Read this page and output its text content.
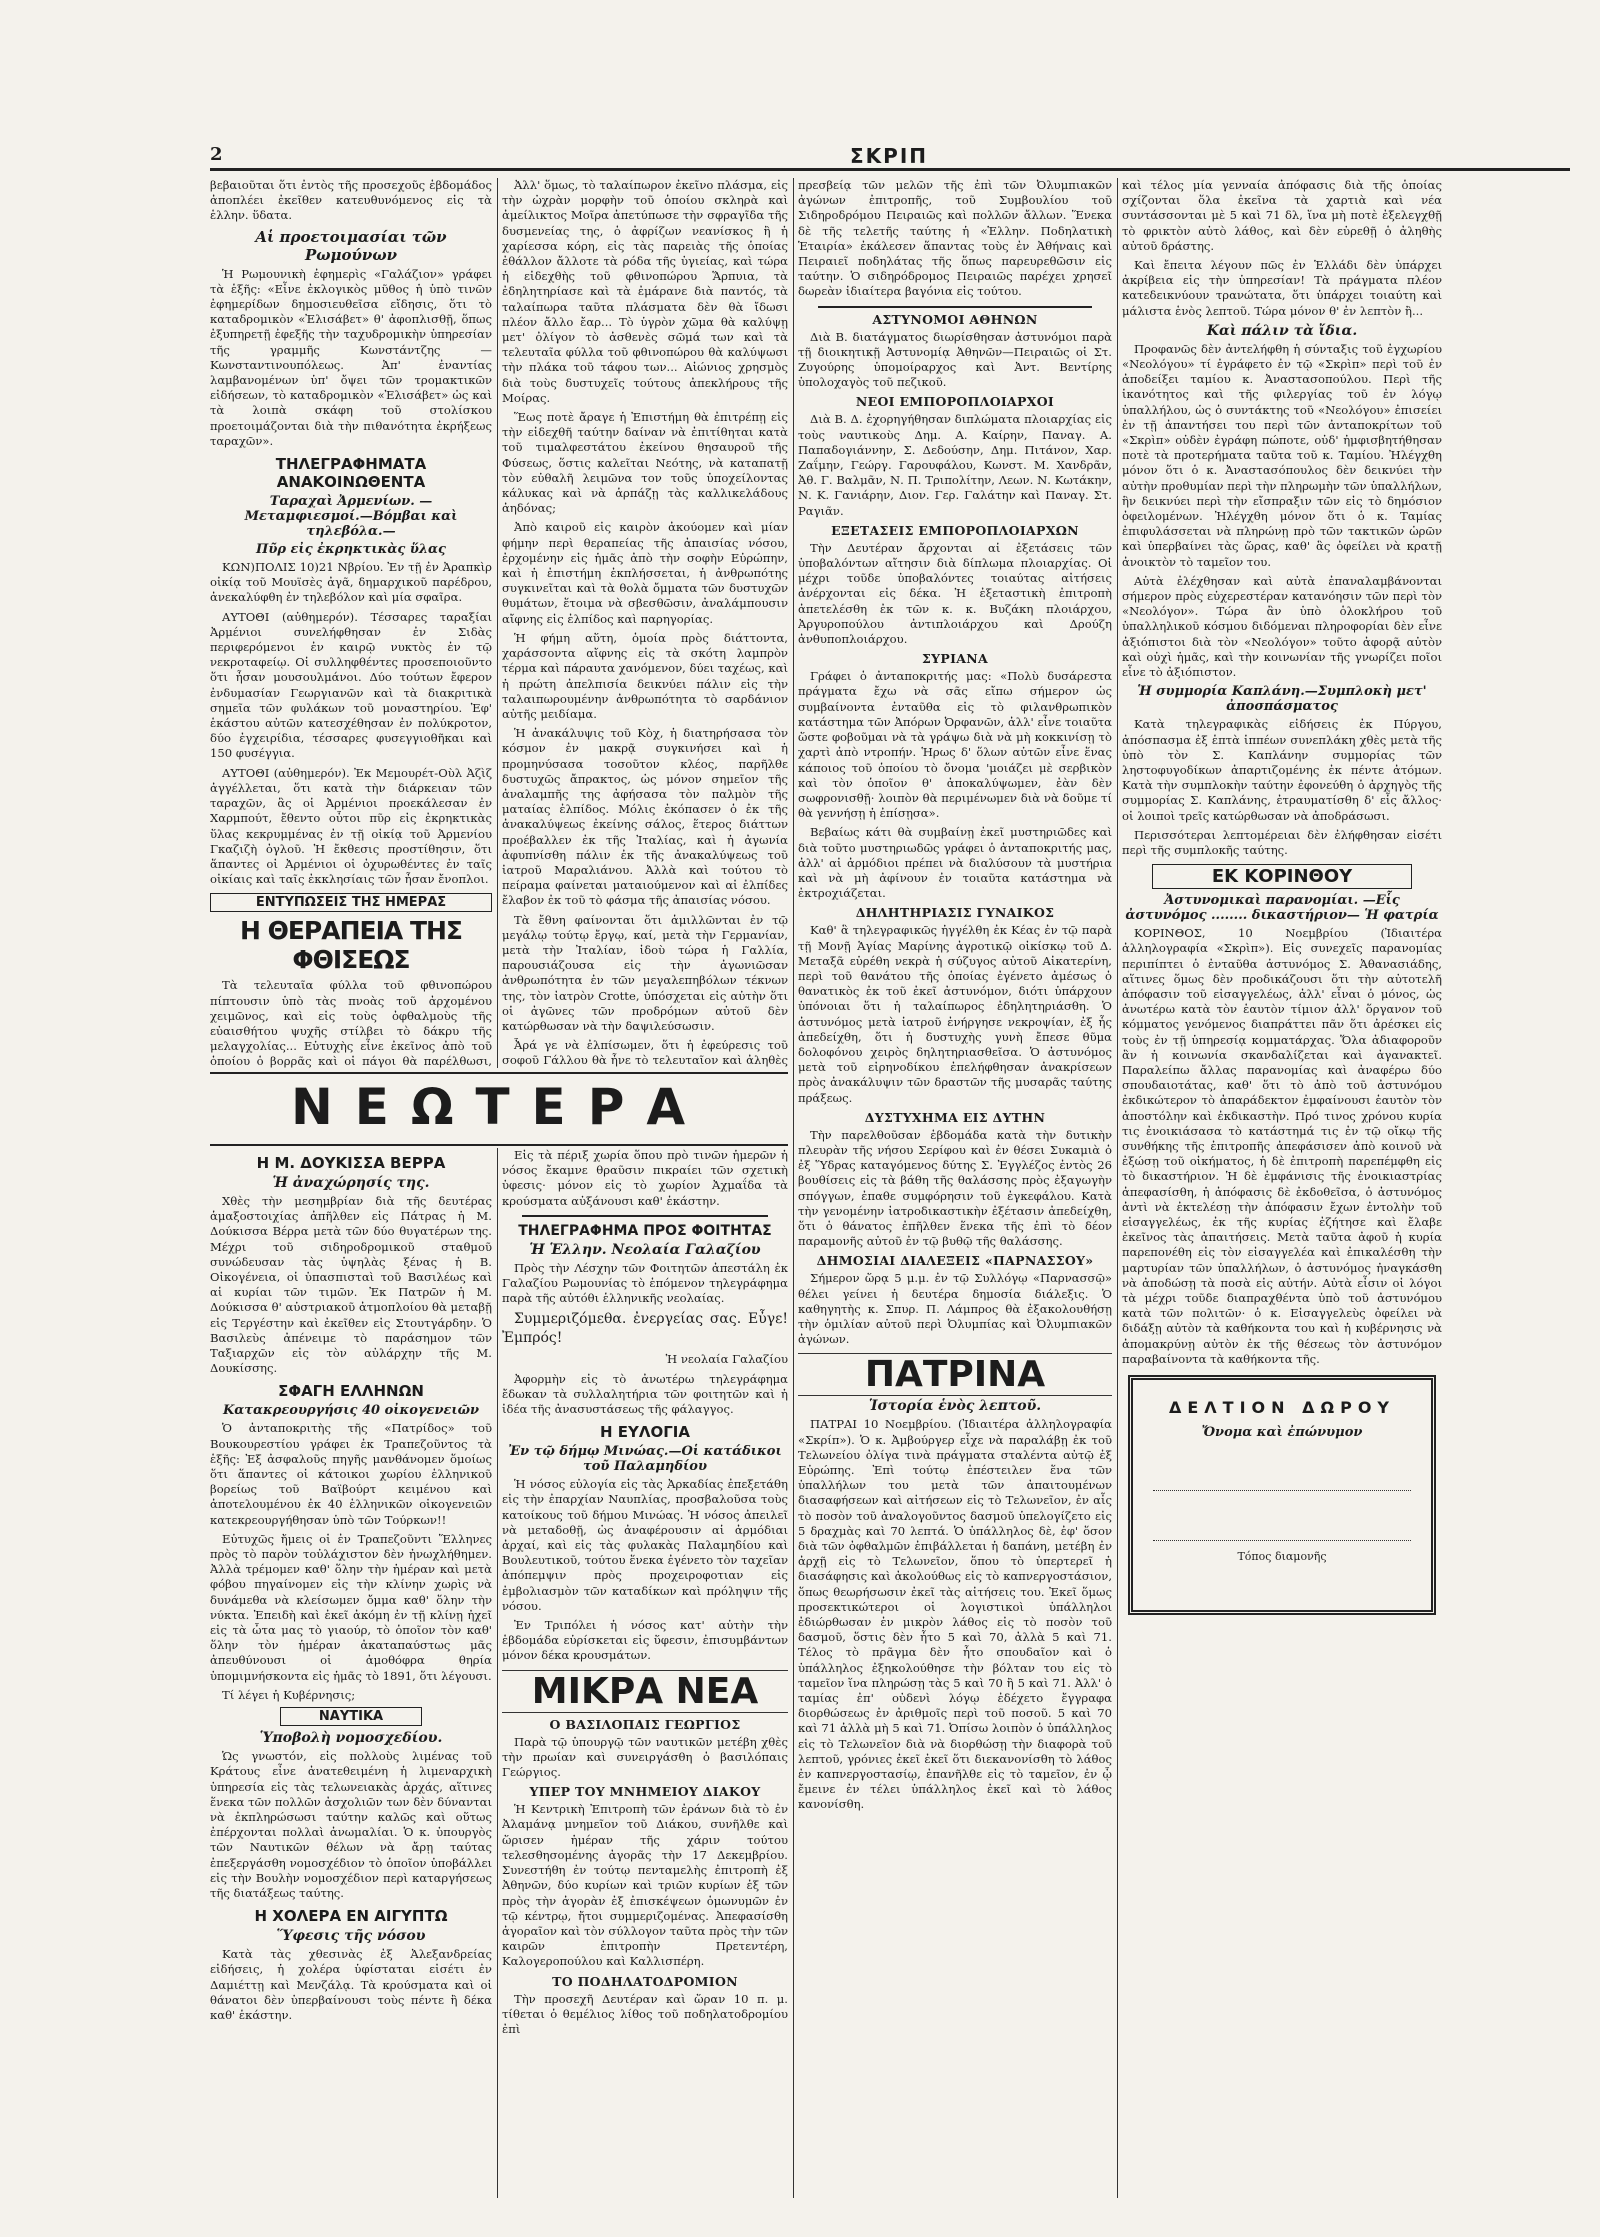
2	ΣΚΡΙΠ

βεβαιοῦται ὅτι ἐντὸς τῆς προσεχοῦς ἑβδομάδος ἀποπλέει ἐκεῖθεν κατευθυνόμενος εἰς τὰ ἑλλην. ὕδατα.

Αἱ προετοιμασίαι τῶν Ρωμούνων

Ἡ Ρωμουνικὴ ἐφημερὶς «Γαλάζιον» γράφει τὰ ἑξῆς: «Εἶνε ἐκλογικὸς μῦθος ἡ ὑπὸ τινῶν ἐφημερίδων δημοσιευθεῖσα εἴδησις, ὅτι τὸ καταδρομικὸν «Ἐλισάβετ» θ' ἀφοπλισθῇ, ὅπως ἐξυπηρετῇ ἐφεξῆς τὴν ταχυδρομικὴν ὑπηρεσίαν τῆς γραμμῆς Κωνστάντζης — Κωνσταντινουπόλεως. Ἀπ' ἐναντίας λαμβανομένων ὑπ' ὄψει τῶν τρομακτικῶν εἰδήσεων, τὸ καταδρομικὸν «Ἐλισάβετ» ὡς καὶ τὰ λοιπὰ σκάφη τοῦ στολίσκου προετοιμάζονται διὰ τὴν πιθανότητα ἐκρήξεως ταραχῶν».

ΤΗΛΕΓΡΑΦΗΜΑΤΑ ΑΝΑΚΟΙΝΩΘΕΝΤΑ
Ταραχαὶ Ἀρμενίων. — Μεταμφιεσμοί.—Βόμβαι καὶ τηλεβόλα.—
Πῦρ εἰς ἐκρηκτικὰς ὕλας

ΚΩΝ)ΠΟΛΙΣ 10)21 Νβρίου. Ἐν τῇ ἐν Ἀραπκὶρ οἰκίᾳ τοῦ Μουϊσὲς ἀγᾶ, δημαρχικοῦ παρέδρου, ἀνεκαλύφθη ἐν τηλεβόλον καὶ μία σφαῖρα.

ΑΥΤΟΘΙ (αὐθημερόν). Τέσσαρες ταραξίαι Ἀρμένιοι συνελήφθησαν ἐν Σιδὰς περιφερόμενοι ἐν καιρῷ νυκτὸς ἐν τῷ νεκροταφείῳ. Οἱ συλληφθέντες προσεποιοῦντο ὅτι ἦσαν μουσουλμάνοι. Δύο τούτων ἔφερον ἐνδυμασίαν Γεωργιανῶν καὶ τὰ διακριτικὰ σημεῖα τῶν φυλάκων τοῦ μοναστηρίου. Ἐφ' ἑκάστου αὐτῶν κατεσχέθησαν ἐν πολύκροτον, δύο ἐγχειρίδια, τέσσαρες φυσεγγιοθῆκαι καὶ 150 φυσέγγια.

ΑΥΤΟΘΙ (αὐθημερόν). Ἐκ Μεμουρέτ-Οὺλ Ἀζὶζ ἀγγέλλεται, ὅτι κατὰ τὴν διάρκειαν τῶν ταραχῶν, ἃς οἱ Ἀρμένιοι προεκάλεσαν ἐν Χαρμπούτ, ἔθεντο οὗτοι πῦρ εἰς ἐκρηκτικὰς ὕλας κεκρυμμένας ἐν τῇ οἰκίᾳ τοῦ Ἀρμενίου Γκαζιζὴ ὀγλοῦ. Ἡ ἔκθεσις προστίθησιν, ὅτι ἅπαντες οἱ Ἀρμένιοι οἱ ὀχυρωθέντες ἐν ταῖς οἰκίαις καὶ ταῖς ἐκκλησίαις τῶν ἦσαν ἔνοπλοι.

ΕΝΤΥΠΩΣΕΙΣ ΤΗΣ ΗΜΕΡΑΣ
Η ΘΕΡΑΠΕΙΑ ΤΗΣ ΦΘΙΣΕΩΣ

Τὰ τελευταῖα φύλλα τοῦ φθινοπώρου πίπτουσιν ὑπὸ τὰς πνοὰς τοῦ ἀρχομένου χειμῶνος, καὶ εἰς τοὺς ὀφθαλμοὺς τῆς εὐαισθήτου ψυχῆς στίλβει τὸ δάκρυ τῆς μελαγχολίας... Εὐτυχὴς εἶνε ἐκεῖνος ἀπὸ τοῦ ὁποίου ὁ βορρᾶς καὶ οἱ πάγοι θὰ παρέλθωσι,

Ἀλλ' ὅμως, τὸ ταλαίπωρον ἐκεῖνο πλάσμα, εἰς τὴν ὠχρὰν μορφὴν τοῦ ὁποίου σκληρὰ καὶ ἀμείλικτος Μοῖρα ἀπετύπωσε τὴν σφραγῖδα τῆς δυσμενείας της, ὁ ἀφρίζων νεανίσκος ἢ ἡ χαρίεσσα κόρη, εἰς τὰς παρειὰς τῆς ὁποίας ἐθάλλον ἄλλοτε τὰ ρόδα τῆς ὑγιείας, καὶ τώρα ἡ εἰδεχθὴς τοῦ φθινοπώρου Ἅρπυια, τὰ ἐδηλητηρίασε καὶ τὰ ἐμάρανε διὰ παντός, τὰ ταλαίπωρα ταῦτα πλάσματα δὲν θὰ ἴδωσι πλέον ἄλλο ἔαρ... Τὸ ὑγρὸν χῶμα θὰ καλύψῃ μετ' ὀλίγον τὸ ἀσθενὲς σῶμά των καὶ τὰ τελευταῖα φύλλα τοῦ φθινοπώρου θὰ καλύψωσι τὴν πλάκα τοῦ τάφου των... Αἰώνιος χρησμὸς διὰ τοὺς δυστυχεῖς τούτους ἀπεκλήρους τῆς Μοίρας.

Ἕως ποτὲ ἄραγε ἡ Ἐπιστήμη θὰ ἐπιτρέπῃ εἰς τὴν εἰδεχθῆ ταύτην δαίναν νὰ ἐπιτίθηται κατὰ τοῦ τιμαλφεστάτου ἐκείνου θησαυροῦ τῆς Φύσεως, ὅστις καλεῖται Νεότης, νὰ καταπατῇ τὸν εὐθαλῆ λειμῶνα τον τοῦς ὑποχείλοντας κάλυκας καὶ νὰ ἁρπάζῃ τὰς καλλικελάδους ἀηδόνας;

Ἀπὸ καιροῦ εἰς καιρὸν ἀκούομεν καὶ μίαν φήμην περὶ θεραπείας τῆς ἀπαισίας νόσου, ἐρχομένην εἰς ἡμᾶς ἀπὸ τὴν σοφὴν Εὐρώπην, καὶ ἡ ἐπιστήμη ἐκπλήσσεται, ἡ ἀνθρωπότης συγκινεῖται καὶ τὰ θολὰ ὄμματα τῶν δυστυχῶν θυμάτων, ἕτοιμα νὰ σβεσθῶσιν, ἀναλάμπουσιν αἴφνης εἰς ἐλπίδος καὶ παρηγορίας.

Ἡ φήμη αὕτη, ὁμοία πρὸς διάττοντα, χαράσσοντα αἴφνης εἰς τὰ σκότη λαμπρὸν τέρμα καὶ πάραυτα χανόμενον, δύει ταχέως, καὶ ἡ πρώτη ἀπελπισία δεικνύει πάλιν εἰς τὴν ταλαιπωρουμένην ἀνθρωπότητα τὸ σαρδάνιον αὐτῆς μειδίαμα.

Ἡ ἀνακάλυψις τοῦ Κὸχ, ἡ διατηρήσασα τὸν κόσμον ἐν μακρᾷ συγκινήσει καὶ ἡ προμηνύσασα τοσοῦτον κλέος, παρῆλθε δυστυχῶς ἄπρακτος, ὡς μόνον σημεῖον τῆς ἀναλαμπῆς της ἀφήσασα τὸν παλμὸν τῆς ματαίας ἐλπίδος. Μόλις ἐκόπασεν ὁ ἐκ τῆς ἀνακαλύψεως ἐκείνης σάλος, ἕτερος διάττων προέβαλλεν ἐκ τῆς Ἰταλίας, καὶ ἡ ἀγωνία ἀφυπνίσθη πάλιν ἐκ τῆς ἀνακαλύψεως τοῦ ἰατροῦ Μαραλιάνου. Ἀλλὰ καὶ τούτου τὸ πείραμα φαίνεται ματαιούμενον καὶ αἱ ἐλπίδες ἔλαβον ἐκ τοῦ τὸ φάσμα τῆς ἀπαισίας νόσου.

Τὰ ἔθνη φαίνονται ὅτι ἁμιλλῶνται ἐν τῷ μεγάλῳ τούτῳ ἔργῳ, καί, μετὰ τὴν Γερμανίαν, μετὰ τὴν Ἰταλίαν, ἰδοὺ τώρα ἡ Γαλλία, παρουσιάζουσα εἰς τὴν ἀγωνιῶσαν ἀνθρωπότητα ἐν τῶν μεγαλεπηβόλων τέκνων της, τὸν ἰατρὸν Crotte, ὑπόσχεται εἰς αὐτὴν ὅτι οἱ ἀγῶνες τῶν προδρόμων αὐτοῦ δὲν κατώρθωσαν νὰ τὴν δαψιλεύσωσιν.

Ἆρά γε νὰ ἐλπίσωμεν, ὅτι ἡ ἐφεύρεσις τοῦ σοφοῦ Γάλλου θὰ ἦνε τὸ τελευταῖον καὶ ἀληθὲς

ΝΕΩΤΕΡΑ
Η Μ. ΔΟΥΚΙΣΣΑ ΒΕΡΡΑ
Ἡ ἀναχώρησίς της.

Χθὲς τὴν μεσημβρίαν διὰ τῆς δευτέρας ἁμαξοστοιχίας ἀπῆλθεν εἰς Πάτρας ἡ Μ. Δούκισσα Βέρρα μετὰ τῶν δύο θυγατέρων της. Μέχρι τοῦ σιδηροδρομικοῦ σταθμοῦ συνώδευσαν τὰς ὑψηλὰς ξένας ἡ Β. Οἰκογένεια, οἱ ὑπασπισταὶ τοῦ Βασιλέως καὶ αἱ κυρίαι τῶν τιμῶν. Ἐκ Πατρῶν ἡ Μ. Δούκισσα θ' αὐστριακοῦ ἀτμοπλοίου θὰ μεταβῇ εἰς Τεργέστην καὶ ἐκεῖθεν εἰς Στουτγάρδην. Ὁ Βασιλεὺς ἀπένειμε τὸ παράσημον τῶν Ταξιαρχῶν εἰς τὸν αὐλάρχην τῆς Μ. Δουκίσσης.

ΣΦΑΓΗ ΕΛΛΗΝΩΝ
Κατακρεουργήσις 40 οἰκογενειῶν

Ὁ ἀνταποκριτὴς τῆς «Πατρίδος» τοῦ Βουκουρεστίου γράφει ἐκ Τραπεζοῦντος τὰ ἑξῆς: Ἐξ ἀσφαλοῦς πηγῆς μανθάνομεν ὅμοίως ὅτι ἅπαντες οἱ κάτοικοι χωρίου ἑλληνικοῦ βορείως τοῦ Βαϊβούρτ κειμένου καὶ ἀποτελουμένου ἐκ 40 ἑλληνικῶν οἰκογενειῶν κατεκρεουργήθησαν ὑπὸ τῶν Τούρκων!!

Εὐτυχῶς ἤμεις οἱ ἐν Τραπεζοῦντι Ἕλληνες πρὸς τὸ παρὸν τοὐλάχιστον δὲν ἠνωχλήθημεν. Ἀλλὰ τρέμομεν καθ' ὅλην τὴν ἡμέραν καὶ μετὰ φόβου πηγαίνομεν εἰς τὴν κλίνην χωρὶς νὰ δυνάμεθα νὰ κλείσωμεν ὄμμα καθ' ὅλην τὴν νύκτα. Ἐπειδὴ καὶ ἐκεῖ ἀκόμη ἐν τῇ κλίνῃ ἠχεῖ εἰς τὰ ὦτα μας τὸ γιαούρ, τὸ ὁποῖον τὸν καθ' ὅλην τὸν ἡμέραν ἀκαταπαύστως μᾶς ἀπευθύνουσι οἱ ἀμοθόφρα θηρία ὑπομιμνήσκοντα εἰς ἡμᾶς τὸ 1891, ὅτι λέγουσι.

Τί λέγει ἡ Κυβέρνησις;

ΝΑΥΤΙΚΑ
Ὑποβολὴ νομοσχεδίου.

Ὡς γνωστόν, εἰς πολλοὺς λιμένας τοῦ Κράτους εἶνε ἀνατεθειμένη ἡ λιμεναρχικὴ ὑπηρεσία εἰς τὰς τελωνειακὰς ἀρχάς, αἵτινες ἕνεκα τῶν πολλῶν ἀσχολιῶν των δὲν δύνανται νὰ ἐκπληρώσωσι ταύτην καλῶς καὶ οὕτως ἐπέρχονται πολλαὶ ἀνωμαλίαι. Ὁ κ. ὑπουργὸς τῶν Ναυτικῶν θέλων νὰ ἄρῃ ταύτας ἐπεξεργάσθη νομοσχέδιον τὸ ὁποῖον ὑποβάλλει εἰς τὴν Βουλὴν νομοσχέδιον περὶ καταργήσεως τῆς διατάξεως ταύτης.

Η ΧΟΛΕΡΑ ΕΝ ΑΙΓΥΠΤΩ
Ὕφεσις τῆς νόσου

Κατὰ τὰς χθεσινὰς ἐξ Ἀλεξανδρείας εἰδήσεις, ἡ χολέρα ὑφίσταται εἰσέτι ἐν Δαμιέττῃ καὶ Μενζάλᾳ. Τὰ κρούσματα καὶ οἱ θάνατοι δὲν ὑπερβαίνουσι τοὺς πέντε ἢ δέκα καθ' ἑκάστην.

Εἰς τὰ πέριξ χωρία ὅπου πρὸ τινῶν ἡμερῶν ἡ νόσος ἔκαμνε θραῦσιν πικραίει τῶν σχετικὴ ὑφεσις· μόνον εἰς τὸ χωρίον Ἀχμαΐδα τὰ κρούσματα αὐξάνουσι καθ' ἑκάστην.

ΤΗΛΕΓΡΑΦΗΜΑ ΠΡΟΣ ΦΟΙΤΗΤΑΣ
Ἡ Ἑλλην. Νεολαία Γαλαζίου

Πρὸς τὴν Λέσχην τῶν Φοιτητῶν ἀπεστάλη ἐκ Γαλαζίου Ρωμουνίας τὸ ἑπόμενον τηλεγράφημα παρὰ τῆς αὐτόθι ἑλληνικῆς νεολαίας.

Συμμεριζόμεθα. ἐνεργείας σας. Εὖγε! Ἐμπρός!

Ἡ νεολαία Γαλαζίου

Ἀφορμὴν εἰς τὸ ἀνωτέρω τηλεγράφημα ἔδωκαν τὰ συλλαλητήρια τῶν φοιτητῶν καὶ ἡ ἰδέα τῆς ἀνασυστάσεως τῆς φάλαγγος.

Η ΕΥΛΟΓΙΑ
Ἐν τῷ δήμῳ Μινώας.—Οἱ κατάδικοι τοῦ Παλαμηδίου

Ἡ νόσος εὐλογία εἰς τὰς Ἀρκαδίας ἐπεξετάθη εἰς τὴν ἐπαρχίαν Ναυπλίας, προσβαλοῦσα τοὺς κατοίκους τοῦ δήμου Μινώας. Ἡ νόσος ἀπειλεῖ νὰ μεταδοθῇ, ὡς ἀναφέρουσιν αἱ ἀρμόδιαι ἀρχαί, καὶ εἰς τὰς φυλακὰς Παλαμηδίου καὶ Βουλευτικοῦ, τούτου ἕνεκα ἐγένετο τὸν ταχεῖαν ἀπόπεμψιν πρὸς προχειροφοτιαν εἰς ἐμβολιασμὸν τῶν καταδίκων καὶ πρόληψιν τῆς νόσου.

Ἐν Τριπόλει ἡ νόσος κατ' αὐτὴν τὴν ἑβδομάδα εὑρίσκεται εἰς ὕφεσιν, ἐπισυμβάντων μόνον δέκα κρουσμάτων.

ΜΙΚΡΑ ΝΕΑ
Ο ΒΑΣΙΛΟΠΑΙΣ ΓΕΩΡΓΙΟΣ

Παρὰ τῷ ὑπουργῷ τῶν ναυτικῶν μετέβη χθὲς τὴν πρωίαν καὶ συνειργάσθη ὁ βασιλόπαις Γεώργιος.

ΥΠΕΡ ΤΟΥ ΜΝΗΜΕΙΟΥ ΔΙΑΚΟΥ

Ἡ Κεντρικὴ Ἐπιτροπὴ τῶν ἐράνων διὰ τὸ ἐν Ἀλαμάνᾳ μνημεῖον τοῦ Διάκου, συνῆλθε καὶ ὥρισεν ἡμέραν τῆς χάριν τούτου τελεσθησομένης ἀγορᾶς τὴν 17 Δεκεμβρίου. Συνεστήθη ἐν τούτῳ πενταμελὴς ἐπιτροπὴ ἐξ Ἀθηνῶν, δύο κυρίων καὶ τριῶν κυρίων ἐξ τῶν πρὸς τὴν ἀγορὰν ἐξ ἐπισκέψεων ὁμωνυμῶν ἐν τῷ κέντρῳ, ἤτοι συμμεριζομένας. Ἀπεφασίσθη ἀγοραῖον καὶ τὸν σύλλογον ταῦτα πρὸς τὴν τῶν καιρῶν ἐπιτροπὴν Πρετεντέρη, Καλογεροπούλου καὶ Καλλισπέρη.

ΤΟ ΠΟΔΗΛΑΤΟΔΡΟΜΙΟΝ

Τὴν προσεχῆ Δευτέραν καὶ ὥραν 10 π. μ. τίθεται ὁ θεμέλιος λίθος τοῦ ποδηλατοδρομίου ἐπὶ

πρεσβείᾳ τῶν μελῶν τῆς ἐπὶ τῶν Ὀλυμπιακῶν ἀγώνων ἐπιτροπῆς, τοῦ Συμβουλίου τοῦ Σιδηροδρόμου Πειραιῶς καὶ πολλῶν ἄλλων. Ἕνεκα δὲ τῆς τελετῆς ταύτης ἡ «Ἑλλην. Ποδηλατικὴ Ἑταιρία» ἐκάλεσεν ἅπαντας τοὺς ἐν Ἀθήναις καὶ Πειραιεῖ ποδηλάτας τῆς ὅπως παρευρεθῶσιν εἰς ταύτην. Ὁ σιδηρόδρομος Πειραιῶς παρέχει χρησεῖ δωρεὰν ἰδιαίτερα βαγόνια εἰς τούτου.

ΑΣΤΥΝΟΜΟΙ ΑΘΗΝΩΝ

Διὰ Β. διατάγματος διωρίσθησαν ἀστυνόμοι παρὰ τῇ διοικητικῇ Ἀστυνομίᾳ Ἀθηνῶν—Πειραιῶς οἱ Στ. Ζυγούρης ὑπομοίραρχος καὶ Ἀντ. Βεντίρης ὑπολοχαγὸς τοῦ πεζικοῦ.

ΝΕΟΙ ΕΜΠΟΡΟΠΛΟΙΑΡΧΟΙ

Διὰ Β. Δ. ἐχορηγήθησαν διπλώματα πλοιαρχίας εἰς τοὺς ναυτικοὺς Δημ. Α. Καίρην, Παναγ. Α. Παπαδογιάννην, Σ. Δεδούσην, Δημ. Πιτάνον, Χαρ. Ζαΐμην, Γεώργ. Γαρουφάλου, Κωνστ. Μ. Χανδρᾶν, Ἀθ. Γ. Βαλμᾶν, Ν. Π. Τριπολίτην, Λεων. Ν. Κωτάκην, Ν. Κ. Γανιάρην, Διον. Γερ. Γαλάτην καὶ Παναγ. Στ. Ραγιᾶν.

ΕΞΕΤΑΣΕΙΣ ΕΜΠΟΡΟΠΛΟΙΑΡΧΩΝ

Τὴν Δευτέραν ἄρχονται αἱ ἐξετάσεις τῶν ὑποβαλόντων αἴτησιν διὰ δίπλωμα πλοιαρχίας. Οἱ μέχρι τοῦδε ὑποβαλόντες τοιαύτας αἰτήσεις ἀνέρχονται εἰς δέκα. Ἡ ἐξεταστικὴ ἐπιτροπὴ ἀπετελέσθη ἐκ τῶν κ. κ. Βυζάκη πλοιάρχου, Ἀργυροπούλου ἀντιπλοιάρχου καὶ Δρούζη ἀνθυποπλοιάρχου.

ΣΥΡΙΑΝΑ

Γράφει ὁ ἀνταποκριτής μας: «Πολὺ δυσάρεστα πράγματα ἔχω νὰ σᾶς εἴπω σήμερον ὡς συμβαίνοντα ἐνταῦθα εἰς τὸ φιλανθρωπικὸν κατάστημα τῶν Ἀπόρων Ὀρφανῶν, ἀλλ' εἶνε τοιαῦτα ὥστε φοβοῦμαι νὰ τὰ γράψω διὰ νὰ μὴ κοκκινίσῃ τὸ χαρτὶ ἀπὸ ντροπήν. Ἡρως δ' ὅλων αὐτῶν εἶνε ἕνας κάποιος τοῦ ὁποίου τὸ ὄνομα 'μοιάζει μὲ σερβικὸν καὶ τὸν ὁποῖον θ' ἀποκαλύψωμεν, ἐὰν δὲν σωφρονισθῇ· λοιπὸν θὰ περιμένωμεν διὰ νὰ δοῦμε τί θὰ γεννήσῃ ἡ ἐπίσῃσα».

Βεβαίως κάτι θὰ συμβαίνῃ ἐκεῖ μυστηριῶδες καὶ διὰ τοῦτο μυστηριωδῶς γράφει ὁ ἀνταποκριτής μας, ἀλλ' αἱ ἀρμόδιοι πρέπει νὰ διαλύσουν τὰ μυστήρια καὶ νὰ μὴ ἀφίνουν ἐν τοιαῦτα κατάστημα νὰ ἐκτροχιάζεται.

ΔΗΛΗΤΗΡΙΑΣΙΣ ΓΥΝΑΙΚΟΣ

Καθ' ἃ τηλεγραφικῶς ἠγγέλθη ἐκ Κέας ἐν τῷ παρὰ τῇ Μονῇ Ἁγίας Μαρίνης ἀγροτικῷ οἰκίσκῳ τοῦ Δ. Μεταξᾶ εὑρέθη νεκρὰ ἡ σύζυγος αὐτοῦ Αἰκατερίνη, περὶ τοῦ θανάτου τῆς ὁποίας ἐγένετο ἀμέσως ὁ θανατικὸς ἐκ τοῦ ἐκεῖ ἀστυνόμον, διότι ὑπάρχουν ὑπόνοιαι ὅτι ἡ ταλαίπωρος ἐδηλητηριάσθη. Ὁ ἀστυνόμος μετὰ ἰατροῦ ἐνήργησε νεκροψίαν, ἐξ ἧς ἀπεδείχθη, ὅτι ἡ δυστυχὴς γυνὴ ἔπεσε θῦμα δολοφόνου χειρὸς δηλητηριασθεῖσα. Ὁ ἀστυνόμος μετὰ τοῦ εἰρηνοδίκου ἐπελήφθησαν ἀνακρίσεων πρὸς ἀνακάλυψιν τῶν δραστῶν τῆς μυσαρᾶς ταύτης πράξεως.

ΔΥΣΤΥΧΗΜΑ ΕΙΣ ΔΥΤΗΝ

Τὴν παρελθοῦσαν ἑβδομάδα κατὰ τὴν δυτικὴν πλευρὰν τῆς νήσου Σερίφου καὶ ἐν θέσει Συκαμιὰ ὁ ἐξ Ὕδρας καταγόμενος δύτης Σ. Ἐγγλέζος ἐντὸς 26 βουθίσεις εἰς τὰ βάθη τῆς θαλάσσης πρὸς ἐξαγωγὴν σπόγγων, ἐπαθε συμφόρησιν τοῦ ἐγκεφάλου. Κατὰ τὴν γενομένην ἰατροδικαστικὴν ἐξέτασιν ἀπεδείχθη, ὅτι ὁ θάνατος ἐπῆλθεν ἕνεκα τῆς ἐπὶ τὸ δέον παραμονῆς αὐτοῦ ἐν τῷ βυθῷ τῆς θαλάσσης.

ΔΗΜΟΣΙΑΙ ΔΙΑΛΕΞΕΙΣ «ΠΑΡΝΑΣΣΟΥ»

Σήμερον ὥρᾳ 5 μ.μ. ἐν τῷ Συλλόγῳ «Παρνασσῷ» θέλει γείνει ἡ δευτέρα δημοσία διάλεξις. Ὁ καθηγητὴς κ. Σπυρ. Π. Λάμπρος θὰ ἐξακολουθήσῃ τὴν ὁμιλίαν αὐτοῦ περὶ Ὀλυμπίας καὶ Ὀλυμπιακῶν ἀγώνων.

ΠΑΤΡΙΝΑ
Ἱστορία ἑνὸς λεπτοῦ.

ΠΑΤΡΑΙ 10 Νοεμβρίου. (Ἰδιαιτέρα ἀλληλογραφία «Σκρίπ»). Ὁ κ. Ἀμβούργερ εἶχε νὰ παραλάβῃ ἐκ τοῦ Τελωνείου ὀλίγα τινὰ πράγματα σταλέντα αὐτῷ ἐξ Εὐρώπης. Ἐπὶ τούτῳ ἐπέστειλεν ἕνα τῶν ὑπαλλήλων του μετὰ τῶν ἀπαιτουμένων διασαφήσεων καὶ αἰτήσεων εἰς τὸ Τελωνεῖον, ἐν αἷς τὸ ποσὸν τοῦ ἀναλογοῦντος δασμοῦ ὑπελογίζετο εἰς 5 δραχμὰς καὶ 70 λεπτά. Ὁ ὑπάλληλος δὲ, ἐφ' ὅσον διὰ τῶν ὀφθαλμῶν ἐπιβάλλεται ἡ δαπάνη, μετέβη ἐν ἀρχῇ εἰς τὸ Τελωνεῖον, ὅπου τὸ ὑπερτερεῖ ἡ διασάφησις καὶ ἀκολούθως εἰς τὸ καπνεργοστάσιον, ὅπως θεωρήσωσιν ἐκεῖ τὰς αἰτήσεις του. Ἐκεῖ ὅμως προσεκτικώτεροι οἱ λογιστικοὶ ὑπάλληλοι ἐδιώρθωσαν ἐν μικρὸν λάθος εἰς τὸ ποσὸν τοῦ δασμοῦ, ὅστις δὲν ἦτο 5 καὶ 70, ἀλλὰ 5 καὶ 71. Τέλος τὸ πρᾶγμα δὲν ἦτο σπουδαῖον καὶ ὁ ὑπάλληλος ἐξηκολούθησε τὴν βόλταν του εἰς τὸ ταμεῖον ἵνα πληρώσῃ τὰς 5 καὶ 70 ἢ 5 καὶ 71. Ἀλλ' ὁ ταμίας ἐπ' οὐδενὶ λόγῳ ἐδέχετο ἔγγραφα διορθώσεως ἐν ἀριθμοῖς περὶ τοῦ ποσοῦ. 5 καὶ 70 καὶ 71 ἀλλὰ μὴ 5 καὶ 71. Ὀπίσω λοιπὸν ὁ ὑπάλληλος εἰς τὸ Τελωνεῖον διὰ νὰ διορθώσῃ τὴν διαφορὰ τοῦ λεπτοῦ, γρόνιες ἐκεῖ ἐκεῖ ὅτι διεκανονίσθη τὸ λάθος ἐν καπνεργοστασίῳ, ἐπανῆλθε εἰς τὸ ταμεῖον, ἐν ᾧ ἔμεινε ἐν τέλει ὑπάλληλος ἐκεῖ καὶ τὸ λάθος κανονίσθη.

καὶ τέλος μία γενναία ἀπόφασις διὰ τῆς ὁποίας σχίζονται ὅλα ἐκεῖνα τὰ χαρτιὰ καὶ νέα συντάσσονται μὲ 5 καὶ 71 δλ, ἵνα μὴ ποτὲ ἐξελεγχθῇ τὸ φρικτὸν αὐτὸ λάθος, καὶ δὲν εὑρεθῇ ὁ ἀληθὴς αὐτοῦ δράστης.

Καὶ ἔπειτα λέγουν πῶς ἐν Ἑλλάδι δὲν ὑπάρχει ἀκρίβεια εἰς τὴν ὑπηρεσίαν! Τὰ πράγματα πλέον κατεδεικνύουν τρανώτατα, ὅτι ὑπάρχει τοιαύτη καὶ μάλιστα ἑνὸς λεπτοῦ. Τώρα μόνον θ' ἐν λεπτὸν ἢ...

Καὶ πάλιν τὰ ἴδια.

Προφανῶς δὲν ἀντελήφθη ἡ σύνταξις τοῦ ἐγχωρίου «Νεολόγου» τί ἐγράφετο ἐν τῷ «Σκρὶπ» περὶ τοῦ ἐν ἀποδείξει ταμίου κ. Ἀναστασοπούλου. Περὶ τῆς ἱκανότητος καὶ τῆς φιλεργίας τοῦ ἐν λόγῳ ὑπαλλήλου, ὡς ὁ συντάκτης τοῦ «Νεολόγου» ἐπισείει ἐν τῇ ἀπαντήσει του περὶ τῶν ἀνταποκρίτων τοῦ «Σκρὶπ» οὐδὲν ἐγράφη πώποτε, οὐδ' ἠμφισβητήθησαν ποτὲ τὰ προτερήματα ταῦτα τοῦ κ. Ταμίου. Ἠλέγχθη μόνον ὅτι ὁ κ. Ἀναστασόπουλος δὲν δεικνύει τὴν αὐτὴν προθυμίαν περὶ τὴν πληρωμὴν τῶν ὑπαλλήλων, ἣν δεικνύει περὶ τὴν εἴσπραξιν τῶν εἰς τὸ δημόσιον ὀφειλομένων. Ἠλέγχθη μόνον ὅτι ὁ κ. Ταμίας ἐπιφυλάσσεται νὰ πληρώνῃ πρὸ τῶν τακτικῶν ὡρῶν καὶ ὑπερβαίνει τὰς ὥρας, καθ' ἃς ὀφείλει νὰ κρατῇ ἀνοικτὸν τὸ ταμεῖον του.

Αὐτὰ ἐλέχθησαν καὶ αὐτὰ ἐπαναλαμβάνονται σήμερον πρὸς εὐχερεστέραν κατανόησιν τῶν περὶ τὸν «Νεολόγον». Τώρα ἂν ὑπὸ ὁλοκλήρου τοῦ ὑπαλληλικοῦ κόσμου διδόμεναι πληροφορίαι δὲν εἶνε ἀξιόπιστοι διὰ τὸν «Νεολόγον» τοῦτο ἀφορᾷ αὐτὸν καὶ οὐχὶ ἡμᾶς, καὶ τὴν κοινωνίαν τῆς γνωρίζει ποῖοι εἶνε τὸ ἀξιόπιστον.

Ἡ συμμορία Καπλάνη.—Συμπλοκὴ μετ' ἀποσπάσματος

Κατὰ τηλεγραφικὰς εἰδήσεις ἐκ Πύργου, ἀπόσπασμα ἐξ ἑπτὰ ἱππέων συνεπλάκη χθὲς μετὰ τῆς ὑπὸ τὸν Σ. Καπλάνην συμμορίας τῶν ληστοφυγοδίκων ἀπαρτιζομένης ἐκ πέντε ἀτόμων. Κατὰ τὴν συμπλοκὴν ταύτην ἐφονεύθη ὁ ἀρχηγὸς τῆς συμμορίας Σ. Καπλάνης, ἐτραυματίσθη δ' εἷς ἄλλος· οἱ λοιποὶ τρεῖς κατώρθωσαν νὰ ἀποδράσωσι.

Περισσότεραι λεπτομέρειαι δὲν ἐλήφθησαν εἰσέτι περὶ τῆς συμπλοκῆς ταύτης.

ΕΚ ΚΟΡΙΝΘΟΥ
Ἀστυνομικαὶ παρανομίαι. —Εἷς ἀστυνόμος ........ δικαστήριον— Ἡ φατρία

ΚΟΡΙΝΘΟΣ, 10 Νοεμβρίου (Ἰδιαιτέρα ἀλληλογραφία «Σκρὶπ»). Εἰς συνεχεῖς παρανομίας περιπίπτει ὁ ἐνταῦθα ἀστυνόμος Σ. Ἀθανασιάδης, αἵτινες ὅμως δὲν προδικάζουσι ὅτι τὴν αὐτοτελῆ ἀπόφασιν τοῦ εἰσαγγελέως, ἀλλ' εἶναι ὁ μόνος, ὡς ἀνωτέρω κατὰ τὸν ἑαυτὸν τίμιον ἀλλ' ὅργανον τοῦ κόμματος γενόμενος διαπράττει πᾶν ὅτι ἀρέσκει εἰς τοὺς ἐν τῇ ὑπηρεσίᾳ κομματάρχας. Ὅλα ἀδιαφοροῦν ἂν ἡ κοινωνία σκανδαλίζεται καὶ ἀγανακτεῖ. Παραλείπω ἄλλας παρανομίας καὶ ἀναφέρω δύο σπουδαιοτάτας, καθ' ὅτι τὸ ἀπὸ τοῦ ἀστυνόμου ἐκδικώτερον τὸ ἀπαράδεκτον ἐμφαίνουσι ἑαυτὸν τὸν ἀποστόλην καὶ ἐκδικαστὴν. Πρό τινος χρόνου κυρία τις ἐνοικιάσασα τὸ κατάστημά τις ἐν τῷ οἴκῳ τῆς συνθήκης τῆς ἐπιτροπῆς ἀπεφάσισεν ἀπὸ κοινοῦ νὰ ἐξώσῃ τοῦ οἰκήματος, ἡ δὲ ἐπιτροπὴ παρεπέμφθη εἰς τὸ δικαστήριον. Ἡ δὲ ἐμφάνισις τῆς ἐνοικιαστρίας ἀπεφασίσθη, ἡ ἀπόφασις δὲ ἐκδοθεῖσα, ὁ ἀστυνόμος ἀντὶ νὰ ἐκτελέσῃ τὴν ἀπόφασιν ἔχων ἐντολὴν τοῦ εἰσαγγελέως, ἐκ τῆς κυρίας ἐζήτησε καὶ ἔλαβε ἐκεῖνος τὰς ἀπαιτήσεις. Μετὰ ταῦτα ἀφοῦ ἡ κυρία παρεπονέθη εἰς τὸν εἰσαγγελέα καὶ ἐπικαλέσθη τὴν μαρτυρίαν τῶν ὑπαλλήλων, ὁ ἀστυνόμος ἠναγκάσθη νὰ ἀποδώσῃ τὰ ποσὰ εἰς αὐτήν. Αὐτὰ εἶσιν οἱ λόγοι τὰ μέχρι τοῦδε διαπραχθέντα ὑπὸ τοῦ ἀστυνόμου κατὰ τῶν πολιτῶν· ὁ κ. Εἰσαγγελεὺς ὀφείλει νὰ διδάξῃ αὐτὸν τὰ καθήκοντα του καὶ ἡ κυβέρνησις νὰ ἀπομακρύνῃ αὐτὸν ἐκ τῆς θέσεως τὸν ἀστυνόμον παραβαίνοντα τὰ καθήκοντα τῆς.

ΔΕΛΤΙΟΝ ΔΩΡΟΥ
Ὄνομα καὶ ἐπώνυμον
Τόπος διαμονῆς
